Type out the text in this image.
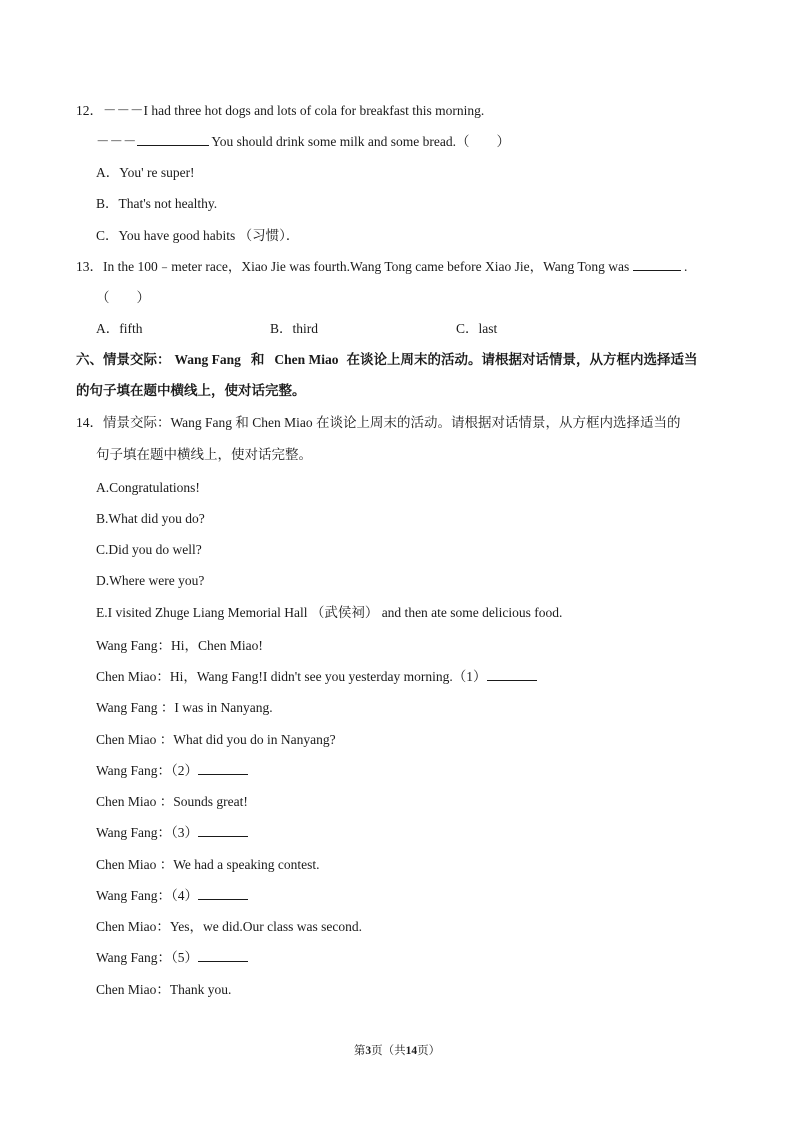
12．－－－I had three hot dogs and lots of cola for breakfast this morning.
－－－	You should drink some milk and some bread.（　　）
A．You' re super!
B．That's not healthy.
C．You have good habits （习惯）．
13．In the 100﹣meter race，Xiao Jie was fourth.Wang Tong came before Xiao Jie，Wang Tong was	.
（　　）
A．fifth	B．third	C．last
六、情景交际： Wang Fang 和 Chen Miao 在谈论上周末的活动。请根据对话情景，从方框内选择适当
的句子填在题中横线上，使对话完整。
14．情景交际：Wang Fang 和 Chen Miao 在谈论上周末的活动。请根据对话情景，从方框内选择适当的
句子填在题中横线上，使对话完整。
A.Congratulations!
B.What did you do?
C.Did you do well?
D.Where were you?
E.I visited Zhuge Liang Memorial Hall （武侯祠） and then ate some delicious food.
Wang Fang：Hi，Chen Miao!
Chen Miao：Hi，Wang Fang!I didn't see you yesterday morning.（1）
Wang Fang ：I was in Nanyang.
Chen Miao ：What did you do in Nanyang?
Wang Fang：（2）
Chen Miao ：Sounds great!
Wang Fang：（3）
Chen Miao ：We had a speaking contest.
Wang Fang：（4）
Chen Miao：Yes，we did.Our class was second.
Wang Fang：（5）
Chen Miao：Thank you.
第3页（共14页）
